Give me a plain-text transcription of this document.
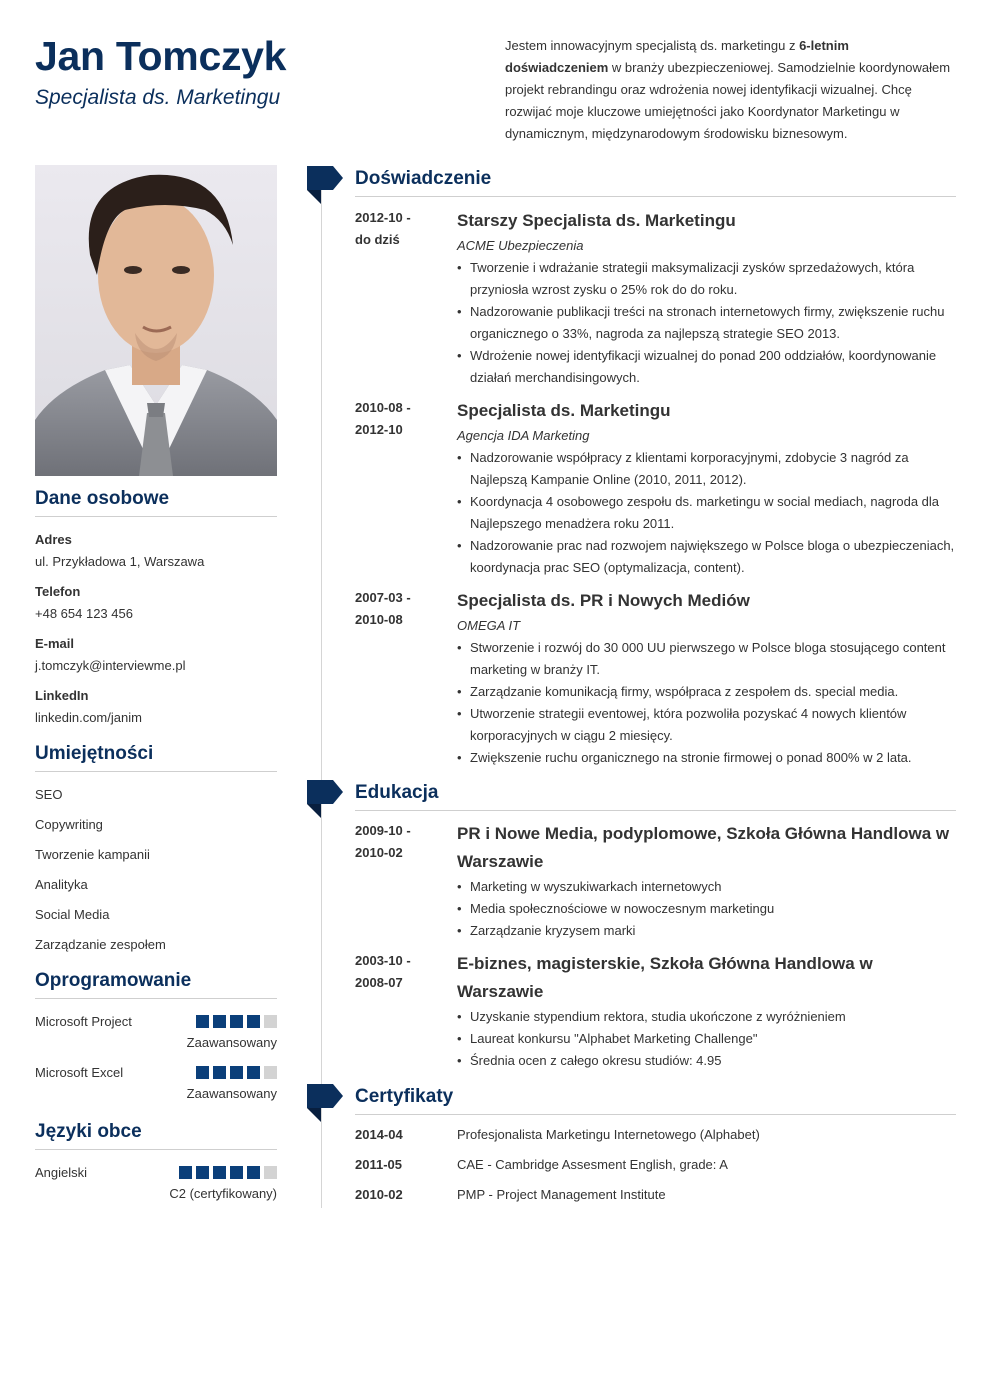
Jan Tomczyk
Specjalista ds. Marketingu
Jestem innowacyjnym specjalistą ds. marketingu z 6-letnim doświadczeniem w branży ubezpieczeniowej. Samodzielnie koordynowałem projekt rebrandingu oraz wdrożenia nowej identyfikacji wizualnej. Chcę rozwijać moje kluczowe umiejętności jako Koordynator Marketingu w dynamicznym, międzynarodowym środowisku biznesowym.
Dane osobowe
Adres
ul. Przykładowa 1, Warszawa
Telefon
+48 654 123 456
E-mail
j.tomczyk@interviewme.pl
LinkedIn
linkedin.com/janim
Umiejętności
SEO
Copywriting
Tworzenie kampanii
Analityka
Social Media
Zarządzanie zespołem
Oprogramowanie
Microsoft Project
Zaawansowany
Microsoft Excel
Zaawansowany
Języki obce
Angielski
C2 (certyfikowany)
Doświadczenie
2012-10 -
do dziś
Starszy Specjalista ds. Marketingu
ACME Ubezpieczenia
• Tworzenie i wdrażanie strategii maksymalizacji zysków sprzedażowych, która przyniosła wzrost zysku o 25% rok do do roku.
• Nadzorowanie publikacji treści na stronach internetowych firmy, zwiększenie ruchu organicznego o 33%, nagroda za najlepszą strategie SEO 2013.
• Wdrożenie nowej identyfikacji wizualnej do ponad 200 oddziałów, koordynowanie działań merchandisingowych.
2010-08 -
2012-10
Specjalista ds. Marketingu
Agencja IDA Marketing
• Nadzorowanie współpracy z klientami korporacyjnymi, zdobycie 3 nagród za Najlepszą Kampanie Online (2010, 2011, 2012).
• Koordynacja 4 osobowego zespołu ds. marketingu w social mediach, nagroda dla Najlepszego menadżera roku 2011.
• Nadzorowanie prac nad rozwojem największego w Polsce bloga o ubezpieczeniach, koordynacja prac SEO (optymalizacja, content).
2007-03 -
2010-08
Specjalista ds. PR i Nowych Mediów
OMEGA IT
• Stworzenie i rozwój do 30 000 UU pierwszego w Polsce bloga stosującego content marketing w branży IT.
• Zarządzanie komunikacją firmy, współpraca z zespołem ds. special media.
• Utworzenie strategii eventowej, która pozwoliła pozyskać 4 nowych klientów korporacyjnych w ciągu 2 miesięcy.
• Zwiększenie ruchu organicznego na stronie firmowej o ponad 800% w 2 lata.
Edukacja
2009-10 -
2010-02
PR i Nowe Media, podyplomowe, Szkoła Główna Handlowa w Warszawie
• Marketing w wyszukiwarkach internetowych
• Media społecznościowe w nowoczesnym marketingu
• Zarządzanie kryzysem marki
2003-10 -
2008-07
E-biznes, magisterskie, Szkoła Główna Handlowa w Warszawie
• Uzyskanie stypendium rektora, studia ukończone z wyróżnieniem
• Laureat konkursu "Alphabet Marketing Challenge"
• Średnia ocen z całego okresu studiów: 4.95
Certyfikaty
2014-04	Profesjonalista Marketingu Internetowego (Alphabet)
2011-05	CAE - Cambridge Assesment English, grade: A
2010-02	PMP - Project Management Institute
